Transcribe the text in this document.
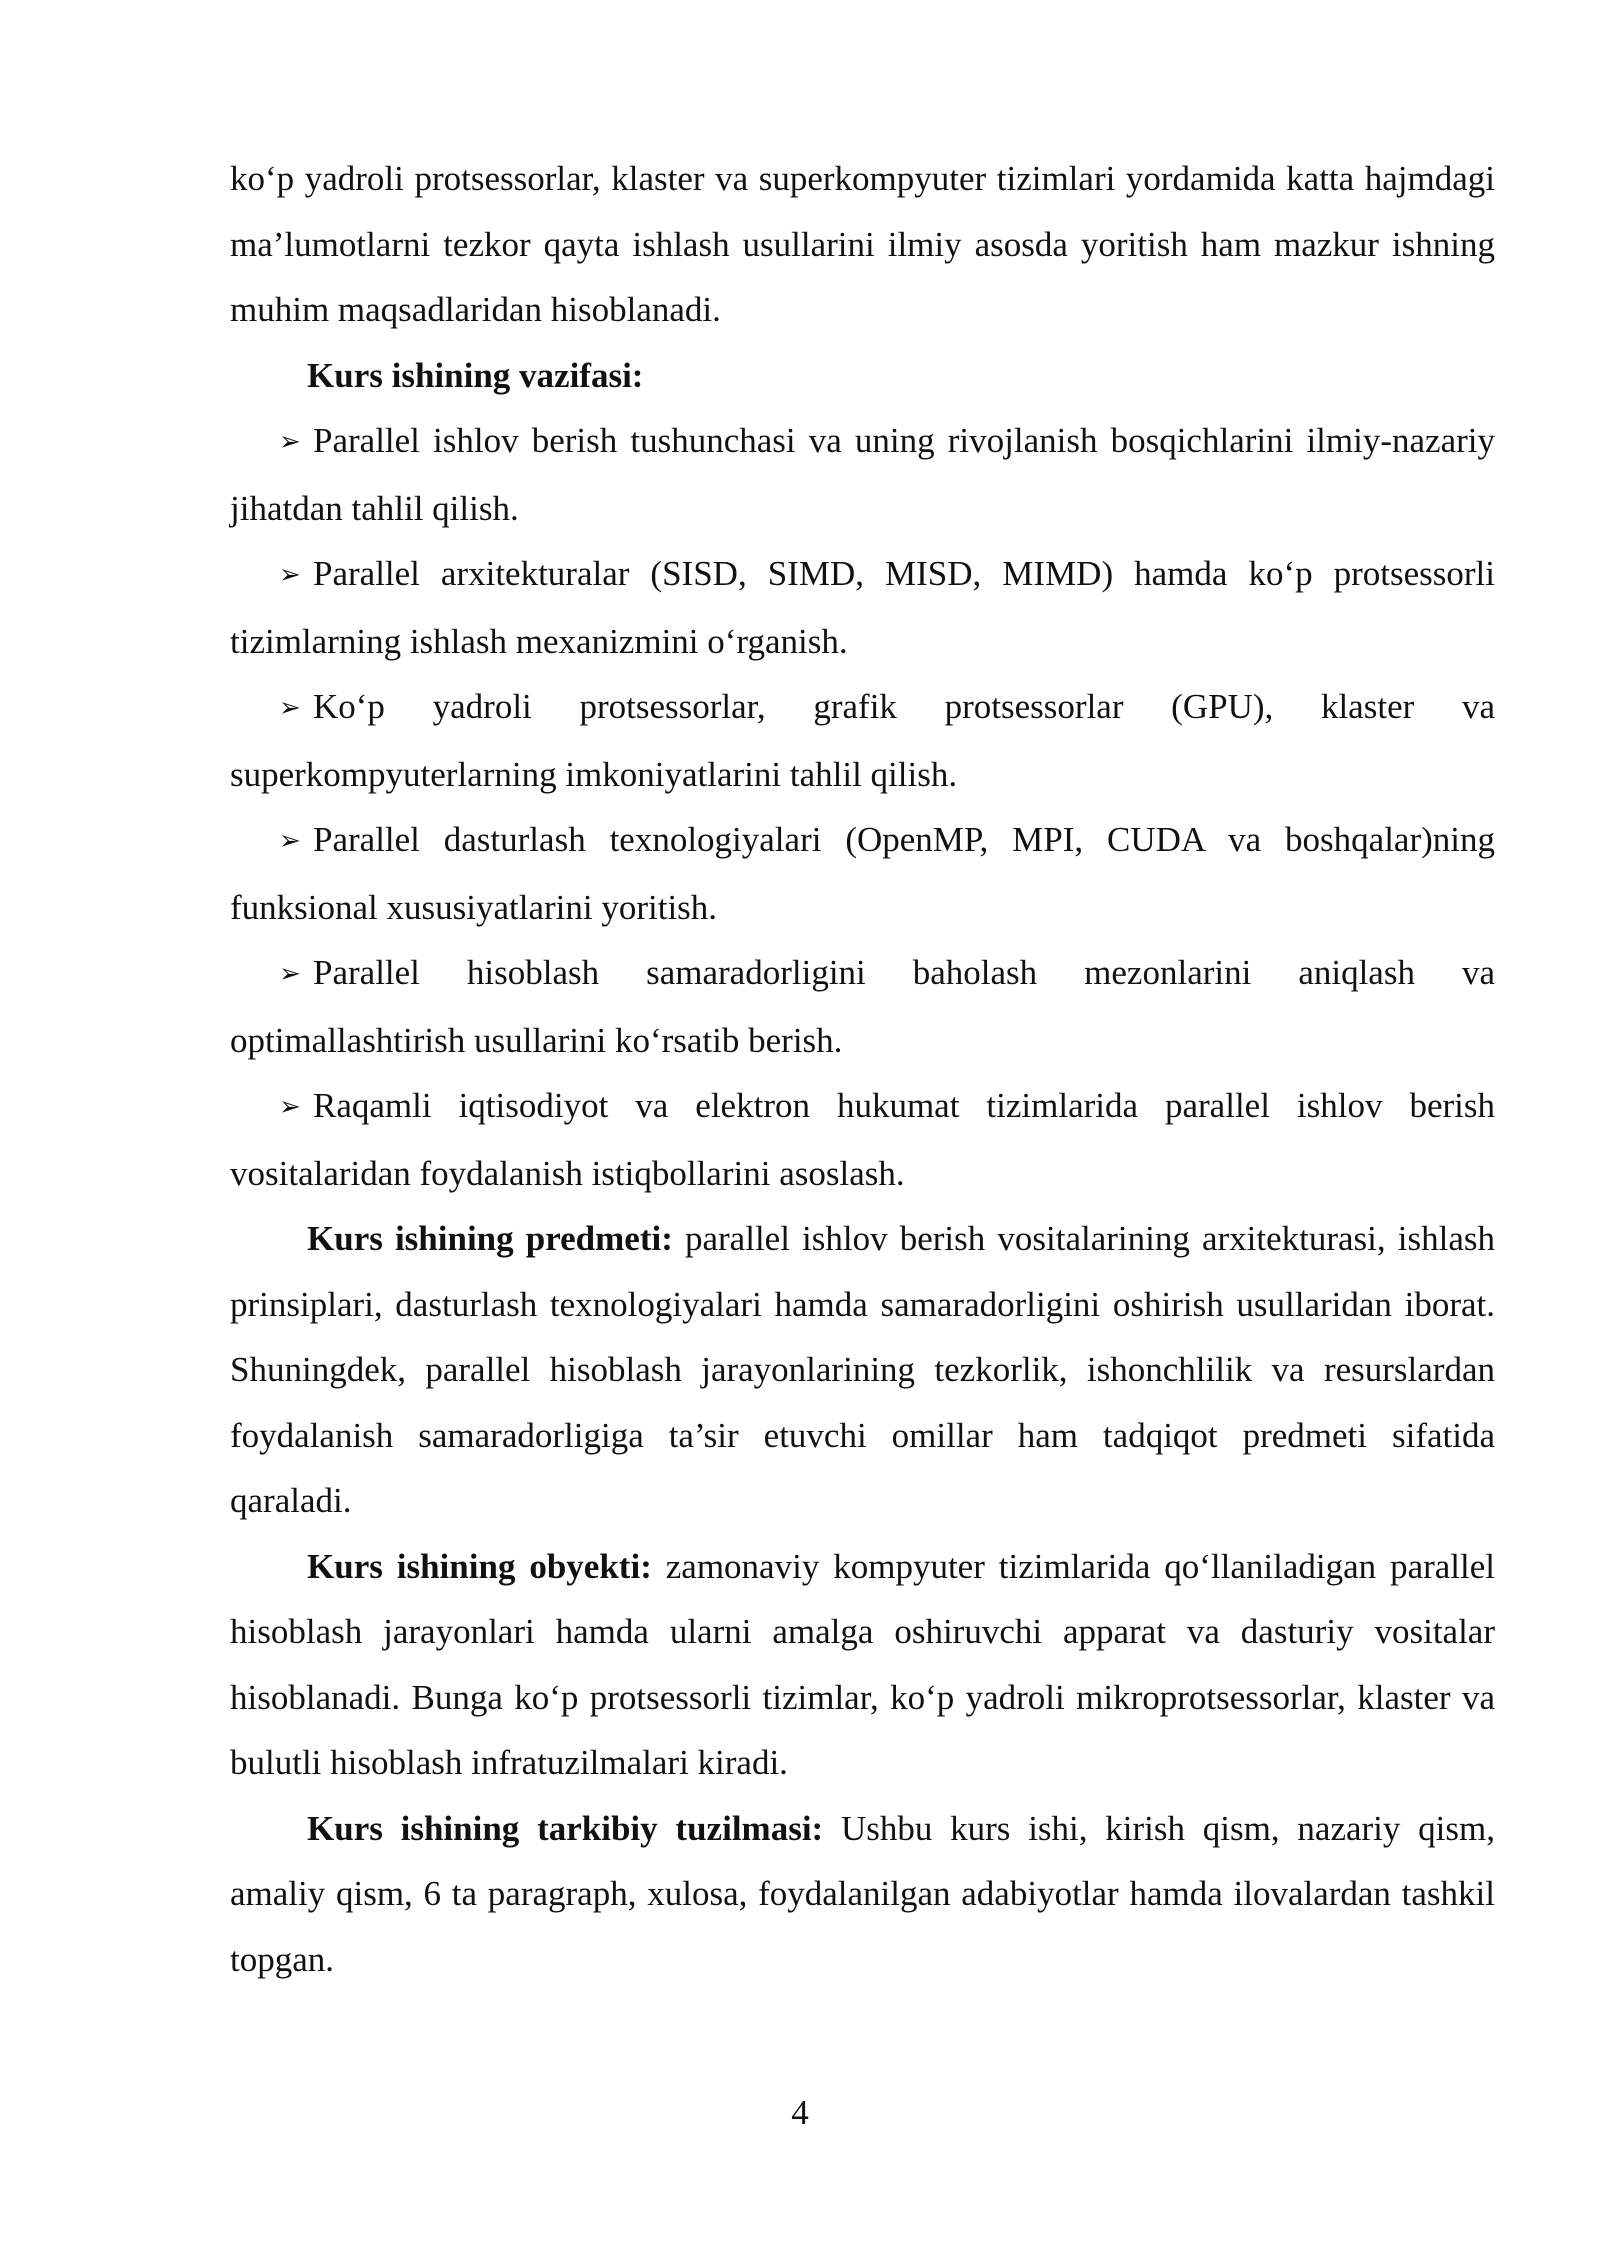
ko‘p yadroli protsessorlar, klaster va superkompyuter tizimlari yordamida katta hajmdagi ma’lumotlarni tezkor qayta ishlash usullarini ilmiy asosda yoritish ham mazkur ishning muhim maqsadlaridan hisoblanadi.

Kurs ishining vazifasi:

➢ Parallel ishlov berish tushunchasi va uning rivojlanish bosqichlarini ilmiy-nazariy jihatdan tahlil qilish.

➢ Parallel arxitekturalar (SISD, SIMD, MISD, MIMD) hamda ko‘p protsessorli tizimlarning ishlash mexanizmini o‘rganish.

➢ Ko‘p yadroli protsessorlar, grafik protsessorlar (GPU), klaster va superkompyuterlarning imkoniyatlarini tahlil qilish.

➢ Parallel dasturlash texnologiyalari (OpenMP, MPI, CUDA va boshqalar)ning funksional xususiyatlarini yoritish.

➢ Parallel hisoblash samaradorligini baholash mezonlarini aniqlash va optimallashtirish usullarini ko‘rsatib berish.

➢ Raqamli iqtisodiyot va elektron hukumat tizimlarida parallel ishlov berish vositalaridan foydalanish istiqbollarini asoslash.

Kurs ishining predmeti: parallel ishlov berish vositalarining arxitekturasi, ishlash prinsiplari, dasturlash texnologiyalari hamda samaradorligini oshirish usullaridan iborat. Shuningdek, parallel hisoblash jarayonlarining tezkorlik, ishonchlilik va resurslardan foydalanish samaradorligiga ta’sir etuvchi omillar ham tadqiqot predmeti sifatida qaraladi.

Kurs ishining obyekti: zamonaviy kompyuter tizimlarida qo‘llaniladigan parallel hisoblash jarayonlari hamda ularni amalga oshiruvchi apparat va dasturiy vositalar hisoblanadi. Bunga ko‘p protsessorli tizimlar, ko‘p yadroli mikroprotsessorlar, klaster va bulutli hisoblash infratuzilmalari kiradi.

Kurs ishining tarkibiy tuzilmasi: Ushbu kurs ishi, kirish qism, nazariy qism, amaliy qism, 6 ta paragraph, xulosa, foydalanilgan adabiyotlar hamda ilovalardan tashkil topgan.

4
